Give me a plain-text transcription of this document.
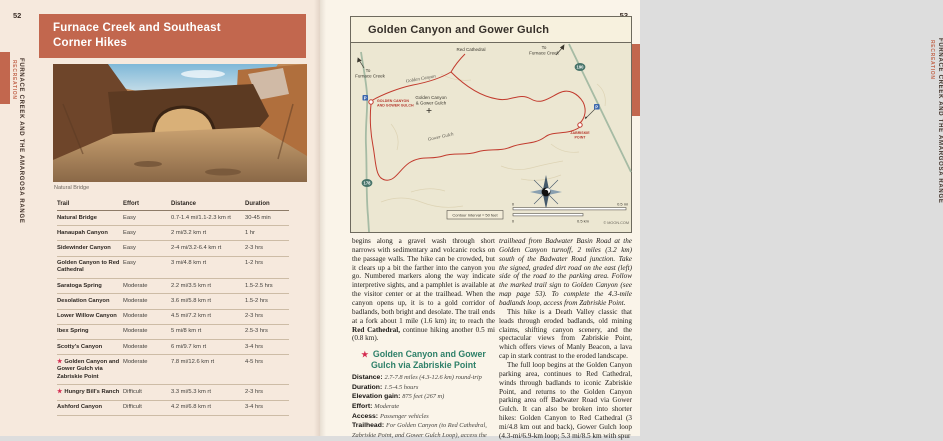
52
FURNACE CREEK AND THE AMARGOSA RANGE
RECREATION
Furnace Creek and Southeast Corner Hikes
Natural Bridge
Trail	Effort	Distance	Duration
Natural Bridge	Easy	0.7-1.4 mi/1.1-2.3 km rt	30-45 min
Hanaupah Canyon	Easy	2 mi/3.2 km rt	1 hr
Sidewinder Canyon	Easy	2-4 mi/3.2-6.4 km rt	2-3 hrs
Golden Canyon to Red Cathedral	Easy	3 mi/4.8 km rt	1-2 hrs
Saratoga Spring	Moderate	2.2 mi/3.5 km rt	1.5-2.5 hrs
Desolation Canyon	Moderate	3.6 mi/5.8 km rt	1.5-2 hrs
Lower Willow Canyon	Moderate	4.5 mi/7.2 km rt	2-3 hrs
Ibex Spring	Moderate	5 mi/8 km rt	2.5-3 hrs
Scotty's Canyon	Moderate	6 mi/9.7 km rt	3-4 hrs
★ Golden Canyon and Gower Gulch via Zabriskie Point	Moderate	7.8 mi/12.6 km rt	4-5 hrs
★ Hungry Bill's Ranch	Difficult	3.3 mi/5.3 km rt	2-3 hrs
Ashford Canyon	Difficult	4.2 mi/6.8 km rt	3-4 hrs
FURNACE CREEK AND THE AMARGOSA RANGE
RECREATION
Golden Canyon and Gower Gulch
190
178
P
P
Red Cathedral	To
Furnace Creek
To
Furnace Creek	Golden Canyon
Gower Gulch
Golden Canyon
& Gower Gulch
GOLDEN CANYON
AND GOWER GULCH
ZABRISKIE
POINT
Contour Interval = 50 feet
0	0.5 mi
0	0.5 km	© MOON.COM
begins along a gravel wash through short narrows with sedimentary and volcanic rocks on the passage walls. The hike can be crowded, but it clears up a bit the farther into the canyon you go. Numbered markers along the way indicate interpretive sights, and a pamphlet is available at the visitor center or at the trailhead. When the canyon opens up, it is to a gold corridor of badlands, both bright and desolate. The trail ends at a fork about 1 mile (1.6 km) in; to reach the Red Cathedral, continue hiking another 0.5 mi (0.8 km).
★ Golden Canyon and Gower Gulch via Zabriskie Point
Distance: 2.7-7.8 miles (4.3-12.6 km) round-trip
Duration: 1.5-4.5 hours
Elevation gain: 875 feet (267 m)
Effort: Moderate
Access: Passenger vehicles
Trailhead: For Golden Canyon (to Red Cathedral, Zabriskie Point, and Gower Gulch Loop), access the
trailhead from Badwater Basin Road at the Golden Canyon turnoff, 2 miles (3.2 km) south of the Badwater Road junction. Take the signed, graded dirt road on the east (left) side of the road to the parking area. Follow the marked trail sign to Golden Canyon (see map page 53). To complete the 4.3-mile badlands loop, access from Zabriskie Point.
This hike is a Death Valley classic that leads through eroded badlands, old mining claims, shifting canyon scenery, and the spectacular views from Zabriskie Point, which offers views of Manly Beacon, a lava cap in stark contrast to the eroded landscape.
The full loop begins at the Golden Canyon parking area, continues to Red Cathedral, winds through badlands to iconic Zabriskie Point, and returns to the Golden Canyon parking area off Badwater Road via Gower Gulch. It can also be broken into shorter hikes: Golden Canyon to Red Cathedral (3 mi/4.8 km out and back), Gower Gulch loop (4.3-mi/6.9-km loop; 5.3 mi/8.5 km with spur
